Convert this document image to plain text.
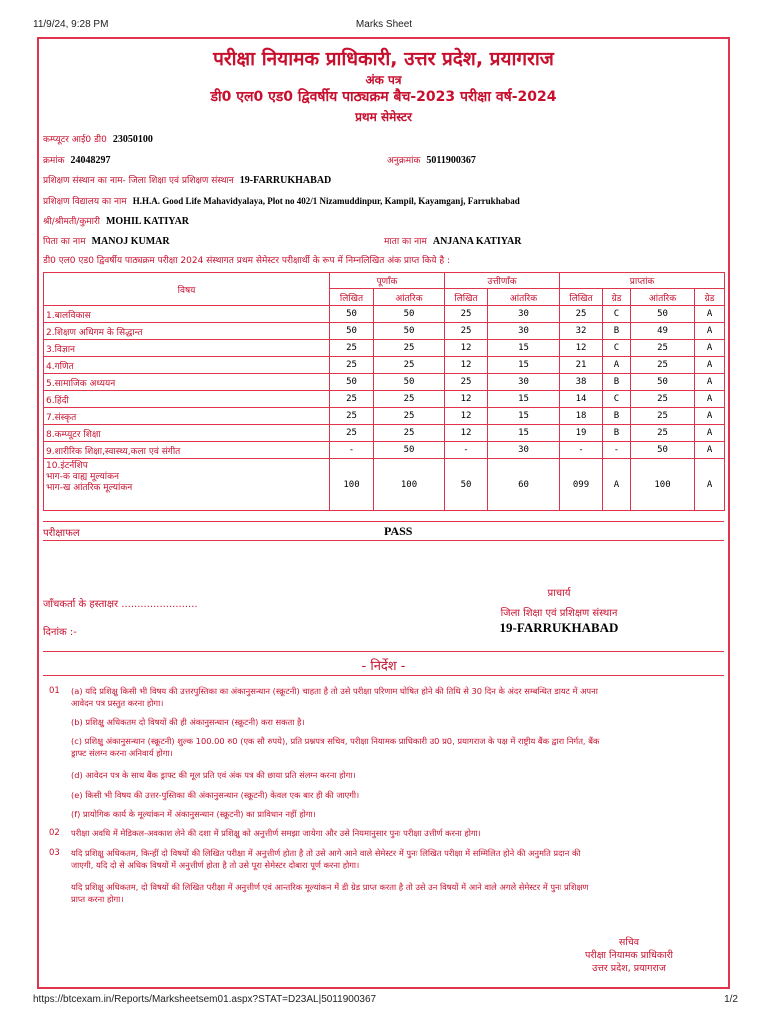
11/9/24, 9:28 PM	Marks Sheet
https://btcexam.in/Reports/Marksheetsem01.aspx?STAT=D23AL|5011900367	1/2
परीक्षा नियामक प्राधिकारी, उत्तर प्रदेश, प्रयागराज
अंक पत्र
डी0 एल0 एड0 द्विवर्षीय पाठ्यक्रम बैच-2023 परीक्षा वर्ष-2024
प्रथम सेमेस्टर
कम्प्यूटर आई0 डी0 23050100
क्रमांक 24048297	अनुक्रमांक 5011900367
प्रशिक्षण संस्थान का नाम- जिला शिक्षा एवं प्रशिक्षण संस्थान 19-FARRUKHABAD
प्रशिक्षण विद्यालय का नाम H.H.A. Good Life Mahavidyalaya, Plot no 402/1 Nizamuddinpur, Kampil, Kayamganj, Farrukhabad
श्री/श्रीमती/कुमारी MOHIL KATIYAR
पिता का नाम MANOJ KUMAR	माता का नाम ANJANA KATIYAR
डी0 एल0 एड0 द्विवर्षीय पाठ्यक्रम परीक्षा 2024 संस्थागत प्रथम सेमेस्टर परीक्षार्थी के रूप में निम्नलिखित अंक प्राप्त किये है :
विषय	पूर्णांक		उत्तीर्णांक		प्राप्तांक			
	लिखित	आंतरिक	लिखित	आंतरिक	लिखित	ग्रेड	आंतरिक	ग्रेड
1.बालविकास	50	50	25	30	25	C	50	A
2.शिक्षण अधिगम के सिद्धान्त	50	50	25	30	32	B	49	A
3.विज्ञान	25	25	12	15	12	C	25	A
4.गणित	25	25	12	15	21	A	25	A
5.सामाजिक अध्ययन	50	50	25	30	38	B	50	A
6.हिंदी	25	25	12	15	14	C	25	A
7.संस्कृत	25	25	12	15	18	B	25	A
8.कम्प्यूटर शिक्षा	25	25	12	15	19	B	25	A
9.शारीरिक शिक्षा,स्वास्थ्य,कला एवं संगीत	-	50	-	30	-	-	50	A

10.इंटर्नशिप
भाग-क वाह्य मूल्यांकन
भाग-ख आंतरिक मूल्यांकन	100	100	50	60	099	A	100	A
परीक्षाफल	PASS
जाँचकर्ता के हस्ताक्षर ........................
दिनांक :-
प्राचार्य
जिला शिक्षा एवं प्रशिक्षण संस्थान
19-FARRUKHABAD
- निर्देश -
01 (a) यदि प्रशिक्षु किसी भी विषय की उत्तरपुस्तिका का अंकानुसन्धान (स्क्रूटनी) चाहता है तो उसे परीक्षा परिणाम घोषित होने की तिथि से 30 दिन के अंदर सम्बन्धित डायट में अपना
आवेदन पत्र प्रस्तुत करना होगा।
(b) प्रशिक्षु अधिकतम दो विषयों की ही अंकानुसन्धान (स्क्रूटनी) करा सकता है।
(c) प्रशिक्षु अंकानुसन्धान (स्क्रूटनी) शुल्क 100.00 रु0 (एक सौ रुपये), प्रति प्रश्नपत्र सचिव, परीक्षा नियामक प्राधिकारी उ0 प्र0, प्रयागराज के पक्ष में राष्ट्रीय बैंक द्वारा निर्गत, बैंक
ड्राफ्ट संलग्न करना अनिवार्य होगा।
(d) आवेदन पत्र के साथ बैंक ड्राफ्ट की मूल प्रति एवं अंक पत्र की छाया प्रति संलग्न करना होगा।
(e) किसी भी विषय की उत्तर-पुस्तिका की अंकानुसन्धान (स्क्रूटनी) केवल एक बार ही की जाएगी।
(f) प्रायोगिक कार्य के मूल्यांकन में अंकानुसन्धान (स्क्रूटनी) का प्राविधान नहीं होगा।
02 परीक्षा अवधि में मेडिकल-अवकाश लेने की दशा में प्रशिक्षु को अनुत्तीर्ण समझा जायेगा और उसे नियमानुसार पुनः परीक्षा उत्तीर्ण करना होगा।
03 यदि प्रशिक्षु अधिकतम, किन्हीं दो विषयों की लिखित परीक्षा में अनुत्तीर्ण होता है तो उसे आगे आने वाले सेमेस्टर में पुनः लिखित परीक्षा में सम्मिलित होने की अनुमति प्रदान की
जाएगी, यदि दो से अधिक विषयों में अनुत्तीर्ण होता है तो उसे पूरा सेमेस्टर दोबारा पूर्ण करना होगा।
यदि प्रशिक्षु अधिकतम, दो विषयों की लिखित परीक्षा में अनुत्तीर्ण एवं आन्तरिक मूल्यांकन में डी ग्रेड प्राप्त करता है तो उसे उन विषयों में आने वाले अगले सेमेस्टर में पुनः प्रशिक्षण
प्राप्त करना होगा।
सचिव
परीक्षा नियामक प्राधिकारी
उत्तर प्रदेश, प्रयागराज
